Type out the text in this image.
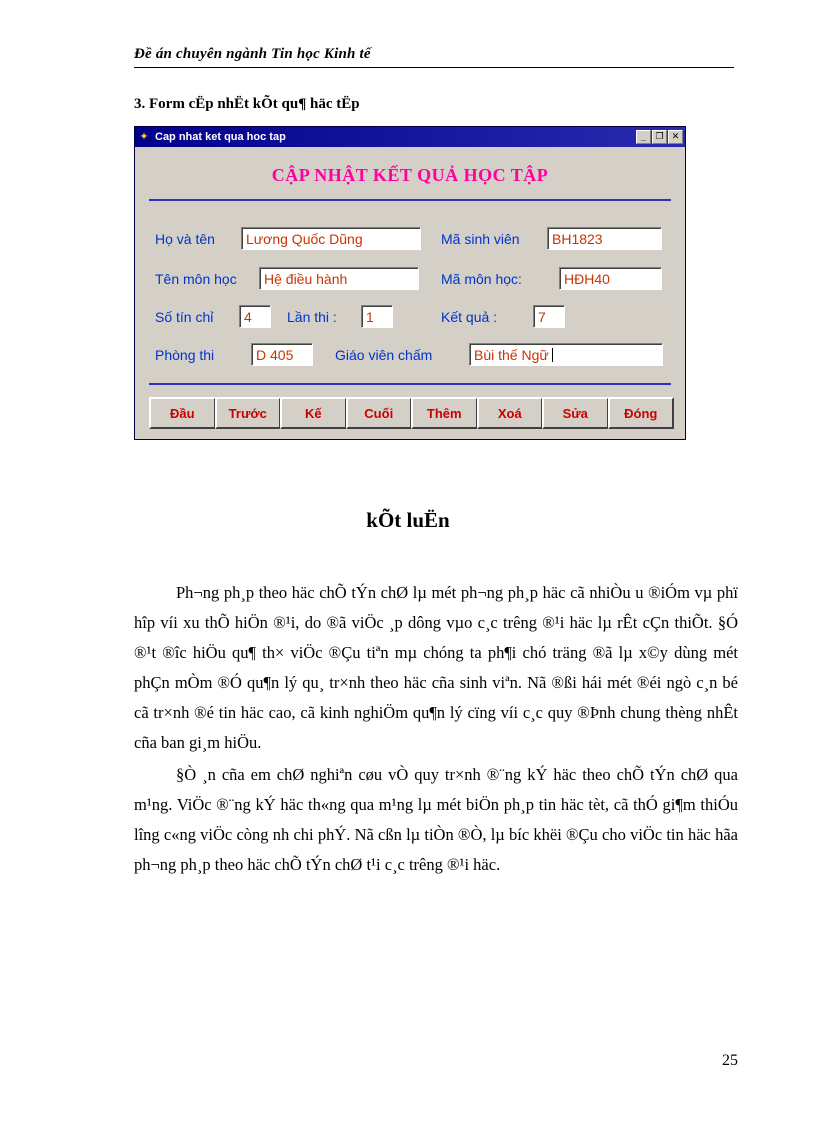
Đề án chuyên ngành Tin học Kinh tế
3. Form cËp nhËt kÕt qu¶ häc tËp
✦ Cap nhat ket qua hoc tap	_	❐ ✕
CẬP NHẬT KẾT QUẢ HỌC TẬP
Họ và tên	Lương Quốc Dũng	Mã sinh viên	BH1823
Tên môn học	Hệ điều hành	Mã môn học:	HĐH40
Số tín chỉ	4	Lần thi :	1	Kết quả :	7
Phòng thi	D 405	Giáo viên chấm	Bùi thế Ngữ
Đầu	Trước	Kế	Cuối	Thêm	Xoá	Sửa	Đóng
kÕt luËn

Ph¬ng ph¸p theo häc chÕ tÝn chØ lµ mét ph¬ng ph¸p häc cã nhiÒu u ®iÓm vµ phï hîp víi xu thÕ hiÖn ®¹i, do ®ã viÖc ¸p dông vµo c¸c trêng ®¹i häc lµ rÊt cÇn thiÕt. §Ó ®¹t ®îc hiÖu qu¶ th× viÖc ®Çu tiªn mµ chóng ta ph¶i chó träng ®ã lµ x©y dùng mét phÇn mÒm ®Ó qu¶n lý qu¸ tr×nh theo häc cña sinh viªn. Nã ®ßi hái mét ®éi ngò c¸n bé cã tr×nh ®é tin häc cao, cã kinh nghiÖm qu¶n lý cïng víi c¸c quy ®Þnh chung thèng nhÊt cña ban gi¸m hiÖu.

§Ò ¸n cña em chØ nghiªn cøu vÒ quy tr×nh ®¨ng kÝ häc theo chÕ tÝn chØ qua m¹ng. ViÖc ®¨ng kÝ häc th«ng qua m¹ng lµ mét biÖn ph¸p tin häc tèt, cã thÓ gi¶m thiÓu lîng c«ng viÖc còng nh chi phÝ. Nã cßn lµ tiÒn ®Ò, lµ bíc khëi ®Çu cho viÖc tin häc hãa ph¬ng ph¸p theo häc chÕ tÝn chØ t¹i c¸c trêng ®¹i häc.

25
